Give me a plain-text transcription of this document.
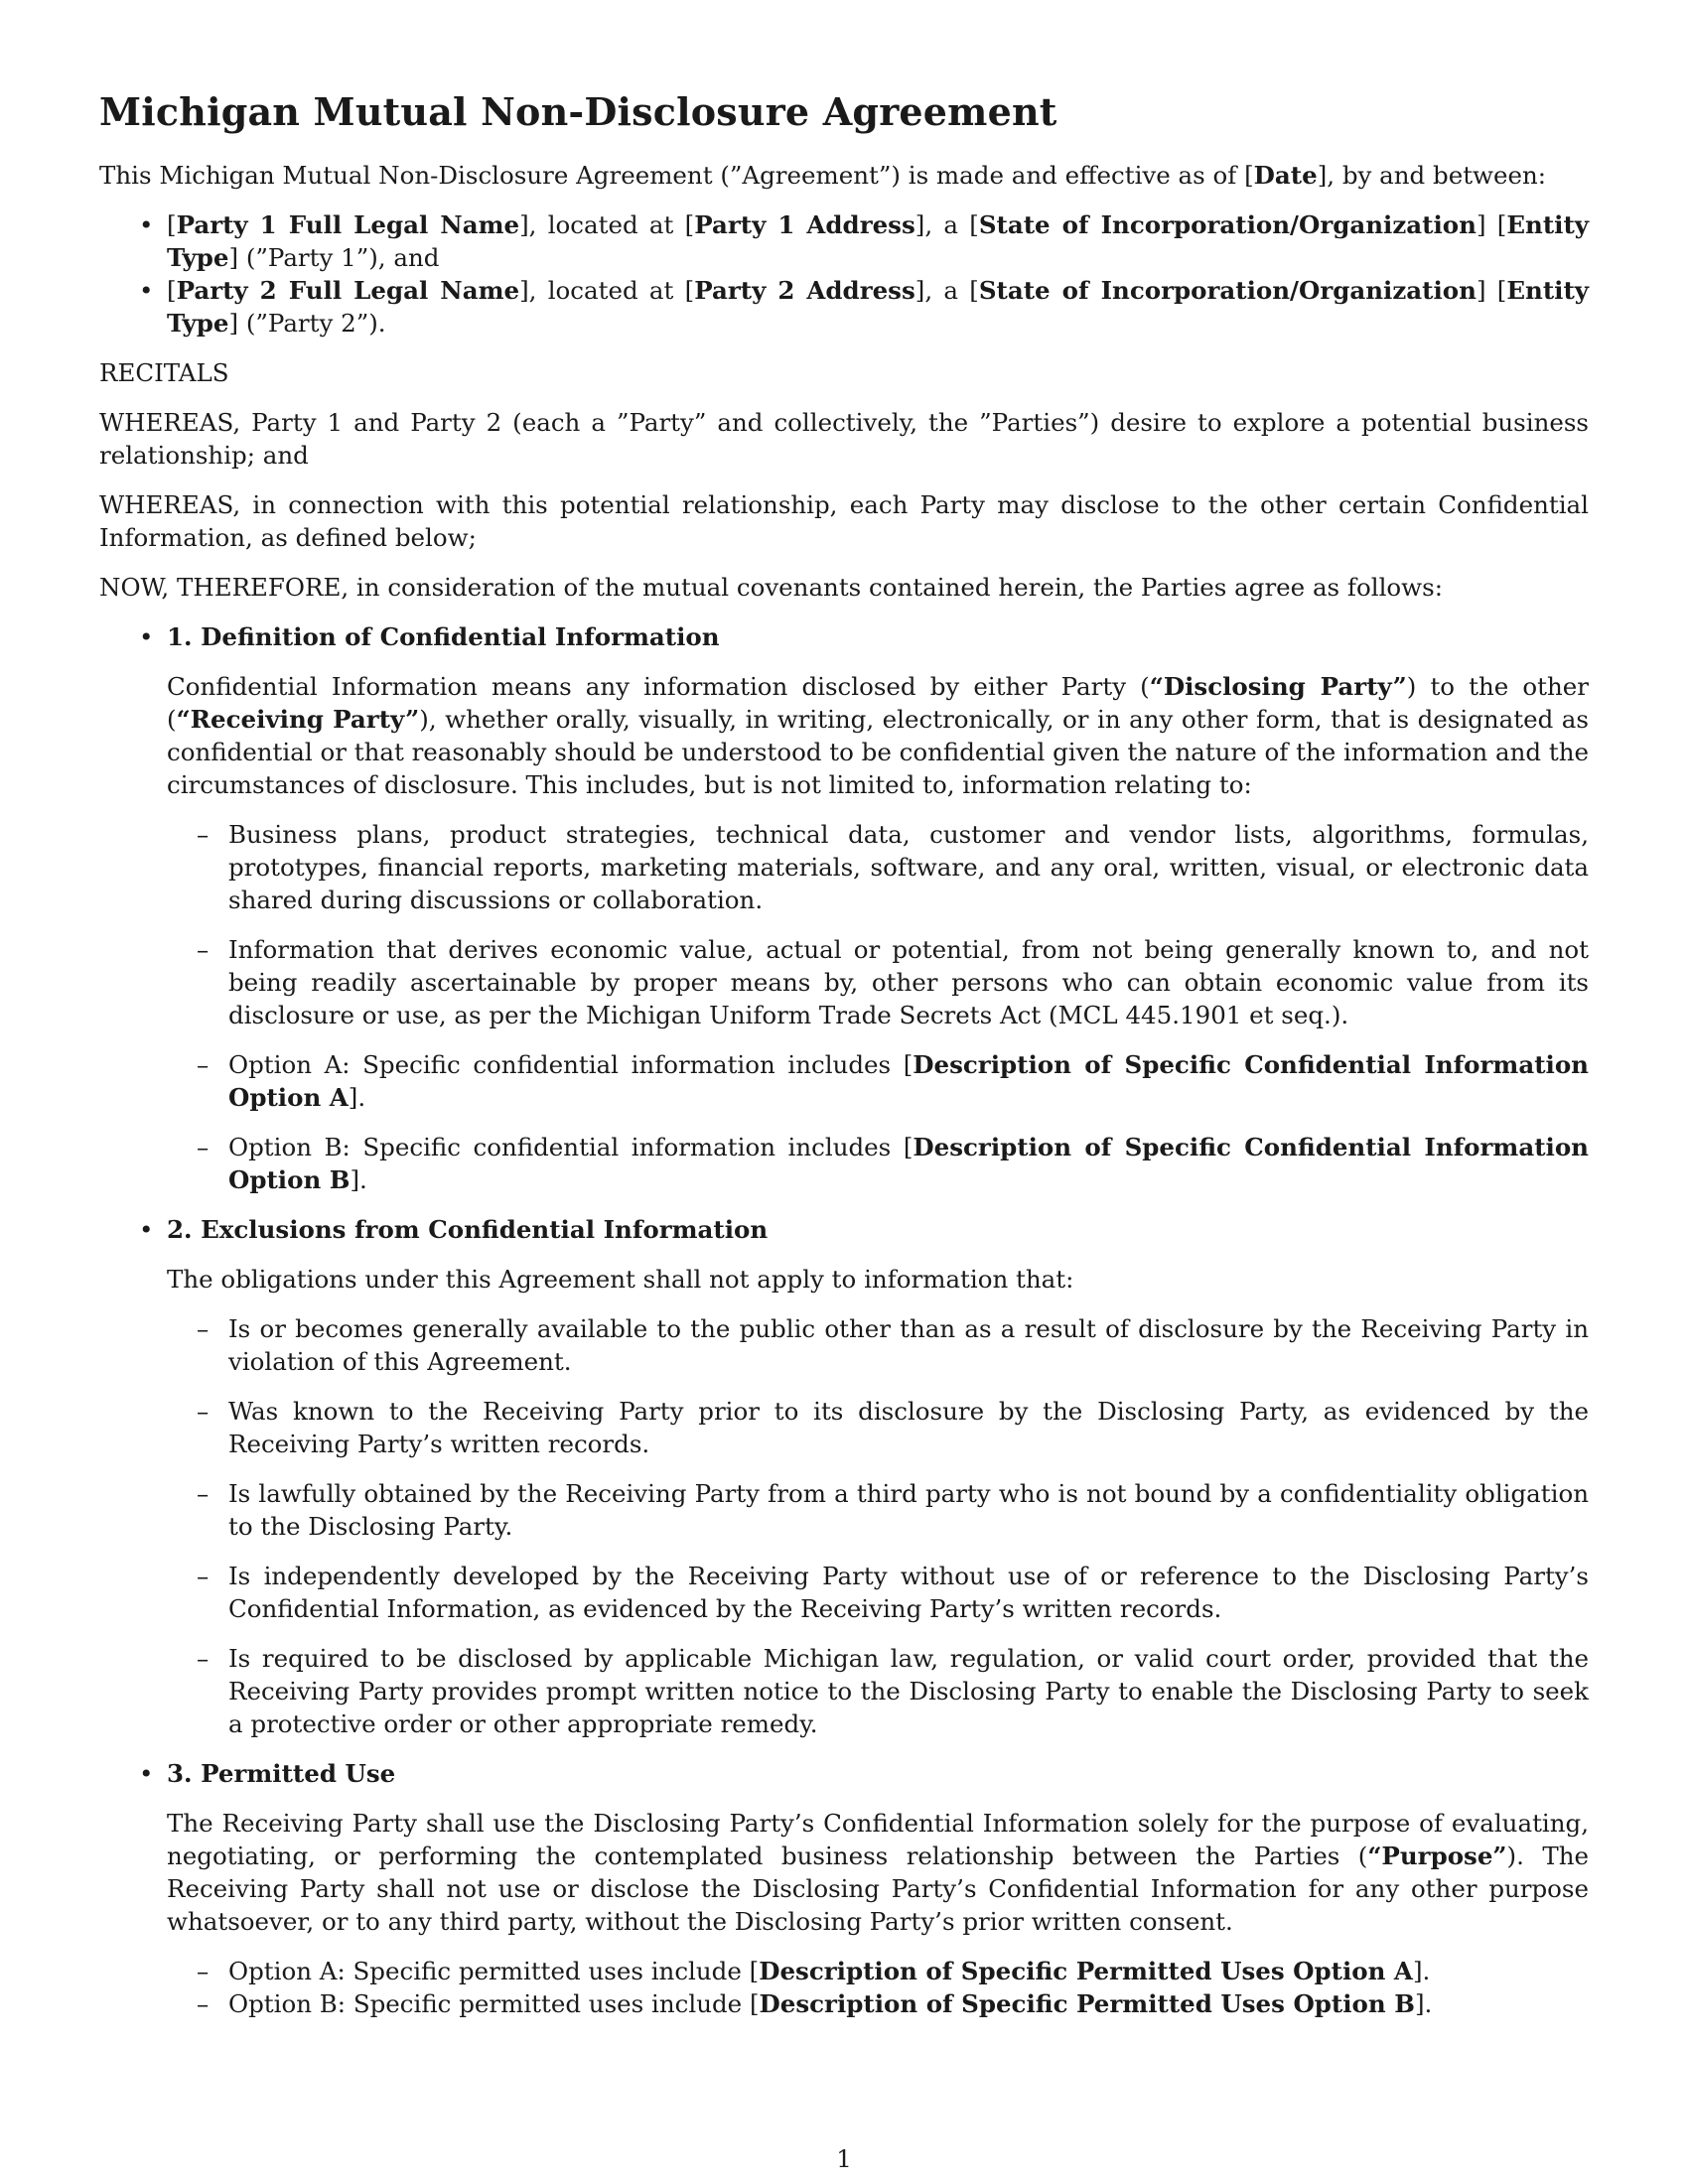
Michigan Mutual Non-Disclosure Agreement

This Michigan Mutual Non-Disclosure Agreement (”Agreement”) is made and effective as of [Date], by and between:

• [Party 1 Full Legal Name], located at [Party 1 Address], a [State of Incorporation/Organization] [Entity Type] (”Party 1”), and
• [Party 2 Full Legal Name], located at [Party 2 Address], a [State of Incorporation/Organization] [Entity Type] (”Party 2”).

RECITALS

WHEREAS, Party 1 and Party 2 (each a ”Party” and collectively, the ”Parties”) desire to explore a potential business relationship; and

WHEREAS, in connection with this potential relationship, each Party may disclose to the other certain Confidential Information, as defined below;

NOW, THEREFORE, in consideration of the mutual covenants contained herein, the Parties agree as follows:

• 1. Definition of Confidential Information

Confidential Information means any information disclosed by either Party (“Disclosing Party”) to the other (“Receiving Party”), whether orally, visually, in writing, electronically, or in any other form, that is designated as confidential or that reasonably should be understood to be confidential given the nature of the information and the circumstances of disclosure. This includes, but is not limited to, information relating to:

– Business plans, product strategies, technical data, customer and vendor lists, algorithms, formulas, prototypes, financial reports, marketing materials, software, and any oral, written, visual, or electronic data shared during discussions or collaboration.
– Information that derives economic value, actual or potential, from not being generally known to, and not being readily ascertainable by proper means by, other persons who can obtain economic value from its disclosure or use, as per the Michigan Uniform Trade Secrets Act (MCL 445.1901 et seq.).
– Option A: Specific confidential information includes [Description of Specific Confidential Information Option A].
– Option B: Specific confidential information includes [Description of Specific Confidential Information Option B].
• 2. Exclusions from Confidential Information

The obligations under this Agreement shall not apply to information that:

– Is or becomes generally available to the public other than as a result of disclosure by the Receiving Party in violation of this Agreement.
– Was known to the Receiving Party prior to its disclosure by the Disclosing Party, as evidenced by the Receiving Party’s written records.
– Is lawfully obtained by the Receiving Party from a third party who is not bound by a confidentiality obligation to the Disclosing Party.
– Is independently developed by the Receiving Party without use of or reference to the Disclosing Party’s Confidential Information, as evidenced by the Receiving Party’s written records.
– Is required to be disclosed by applicable Michigan law, regulation, or valid court order, provided that the Receiving Party provides prompt written notice to the Disclosing Party to enable the Disclosing Party to seek a protective order or other appropriate remedy.
• 3. Permitted Use

The Receiving Party shall use the Disclosing Party’s Confidential Information solely for the purpose of evaluating, negotiating, or performing the contemplated business relationship between the Parties (“Purpose”). The Receiving Party shall not use or disclose the Disclosing Party’s Confidential Information for any other purpose whatsoever, or to any third party, without the Disclosing Party’s prior written consent.

– Option A: Specific permitted uses include [Description of Specific Permitted Uses Option A].
– Option B: Specific permitted uses include [Description of Specific Permitted Uses Option B].
1
